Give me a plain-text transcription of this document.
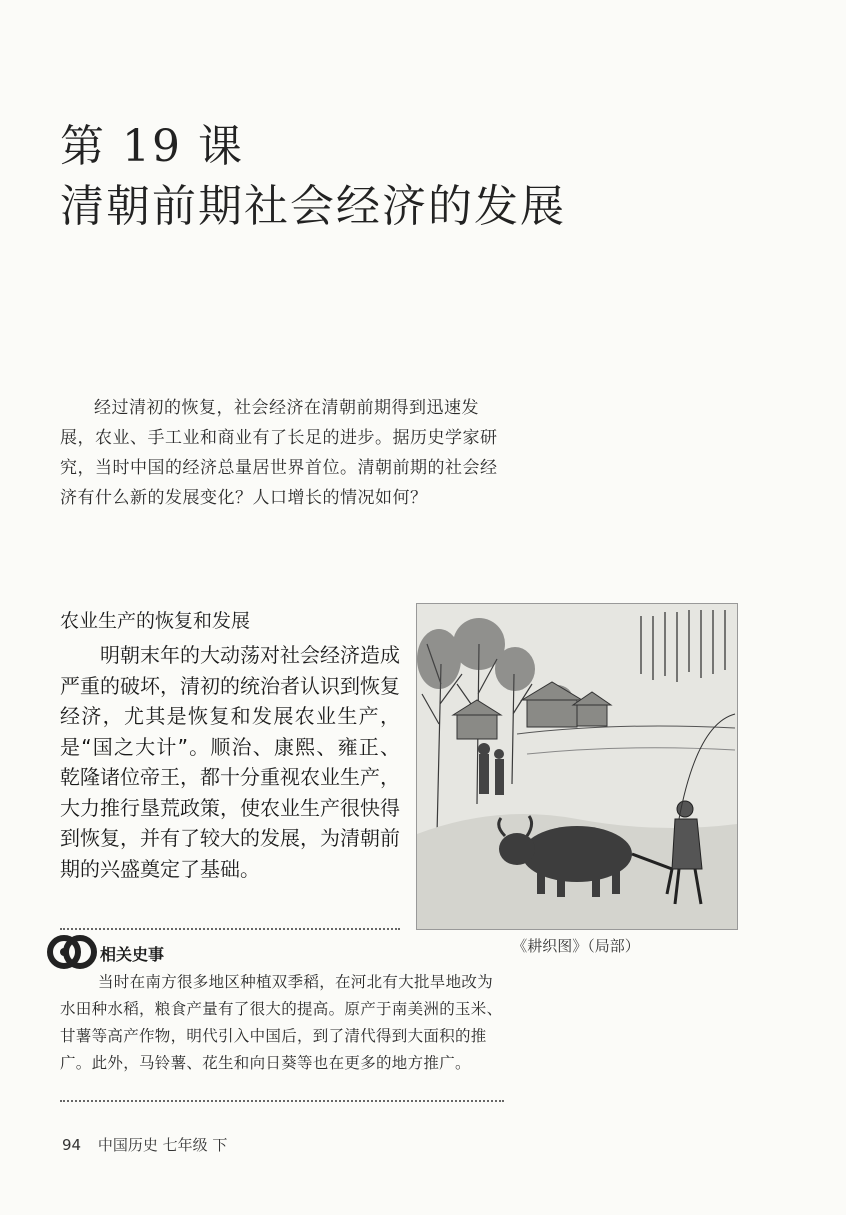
第 19 课
清朝前期社会经济的发展

经过清初的恢复，社会经济在清朝前期得到迅速发展，农业、手工业和商业有了长足的进步。据历史学家研究，当时中国的经济总量居世界首位。清朝前期的社会经济有什么新的发展变化？人口增长的情况如何？

农业生产的恢复和发展

明朝末年的大动荡对社会经济造成严重的破坏，清初的统治者认识到恢复经济，尤其是恢复和发展农业生产，是“国之大计”。顺治、康熙、雍正、乾隆诸位帝王，都十分重视农业生产，大力推行垦荒政策，使农业生产很快得到恢复，并有了较大的发展，为清朝前期的兴盛奠定了基础。

《耕织图》（局部）
相关史事

当时在南方很多地区种植双季稻，在河北有大批旱地改为水田种水稻，粮食产量有了很大的提高。原产于南美洲的玉米、甘薯等高产作物，明代引入中国后，到了清代得到大面积的推广。此外，马铃薯、花生和向日葵等也在更多的地方推广。

94 中国历史 七年级 下
